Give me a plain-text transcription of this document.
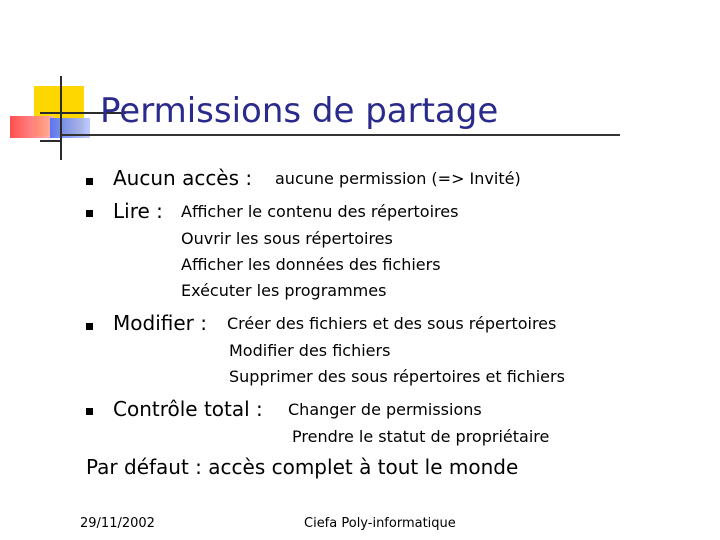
Permissions de partage
Aucun accès : aucune permission (=> Invité)
Lire : Afficher le contenu des répertoires
Ouvrir les sous répertoires
Afficher les données des fichiers
Exécuter les programmes
Modifier : Créer des fichiers et des sous répertoires
Modifier des fichiers
Supprimer des sous répertoires et fichiers
Contrôle total : Changer de permissions
Prendre le statut de propriétaire
Par défaut : accès complet à tout le monde
29/11/2002	Ciefa Poly-informatique
